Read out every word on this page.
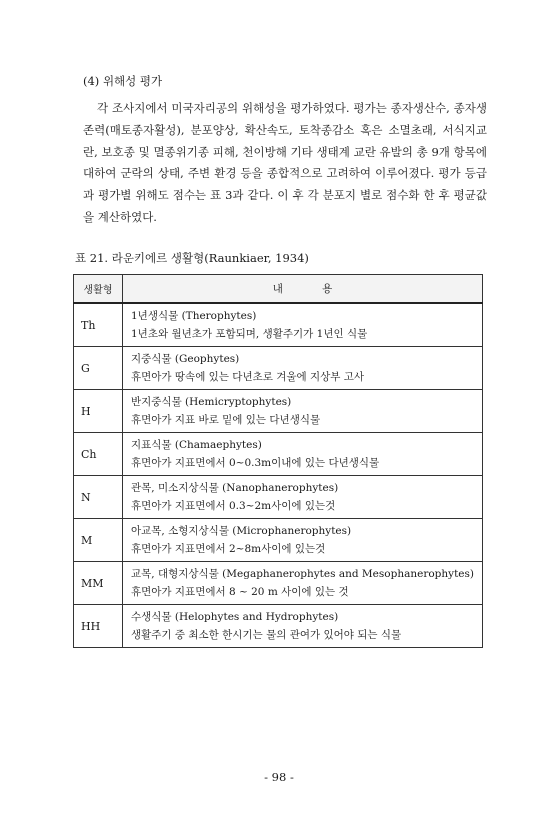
(4) 위해성 평가

각 조사지에서 미국자리공의 위해성을 평가하였다. 평가는 종자생산수, 종자생존력(매토종자활성), 분포양상, 확산속도, 토착종감소 혹은 소멸초래, 서식지교란, 보호종 및 멸종위기종 피해, 천이방해 기타 생태계 교란 유발의 총 9개 항목에 대하여 군락의 상태, 주변 환경 등을 종합적으로 고려하여 이루어졌다. 평가 등급과 평가별 위해도 점수는 표 3과 같다. 이 후 각 분포지 별로 점수화 한 후 평균값을 계산하였다.

표 21. 라운키에르 생활형(Raunkiaer, 1934)
생활형	내 용
Th	1년생식물 (Therophytes)
1년초와 월년초가 포함되며, 생활주기가 1년인 식물

G	지중식물 (Geophytes)
휴면아가 땅속에 있는 다년초로 겨울에 지상부 고사

H	반지중식물 (Hemicryptophytes)
휴면아가 지표 바로 밑에 있는 다년생식물

Ch	지표식물 (Chamaephytes)
휴면아가 지표면에서 0~0.3m이내에 있는 다년생식물

N	관목, 미소지상식물 (Nanophanerophytes)
휴면아가 지표면에서 0.3~2m사이에 있는것

M	아교목, 소형지상식물 (Microphanerophytes)
휴면아가 지표면에서 2~8m사이에 있는것

MM	교목, 대형지상식물 (Megaphanerophytes and Mesophanerophytes)
휴면아가 지표면에서 8 ~ 20 m 사이에 있는 것

HH	수생식물 (Helophytes and Hydrophytes)
생활주기 중 최소한 한시기는 물의 관여가 있어야 되는 식물
- 98 -
